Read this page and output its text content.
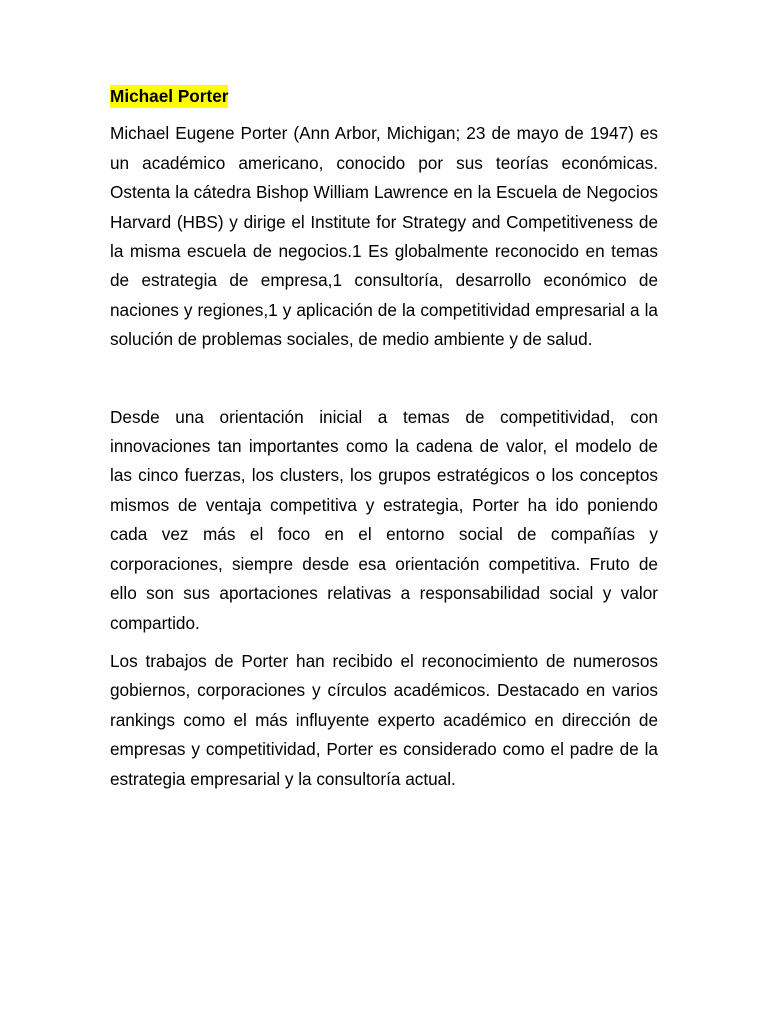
Michael Porter

Michael Eugene Porter (Ann Arbor, Michigan; 23 de mayo de 1947) es un académico americano, conocido por sus teorías económicas. Ostenta la cátedra Bishop William Lawrence en la Escuela de Negocios Harvard (HBS) y dirige el Institute for Strategy and Competitiveness de la misma escuela de negocios.1 Es globalmente reconocido en temas de estrategia de empresa,1 consultoría, desarrollo económico de naciones y regiones,1 y aplicación de la competitividad empresarial a la solución de problemas sociales, de medio ambiente y de salud.

Desde una orientación inicial a temas de competitividad, con innovaciones tan importantes como la cadena de valor, el modelo de las cinco fuerzas, los clusters, los grupos estratégicos o los conceptos mismos de ventaja competitiva y estrategia, Porter ha ido poniendo cada vez más el foco en el entorno social de compañías y corporaciones, siempre desde esa orientación competitiva. Fruto de ello son sus aportaciones relativas a responsabilidad social y valor compartido.

Los trabajos de Porter han recibido el reconocimiento de numerosos gobiernos, corporaciones y círculos académicos. Destacado en varios rankings como el más influyente experto académico en dirección de empresas y competitividad, Porter es considerado como el padre de la estrategia empresarial y la consultoría actual.
